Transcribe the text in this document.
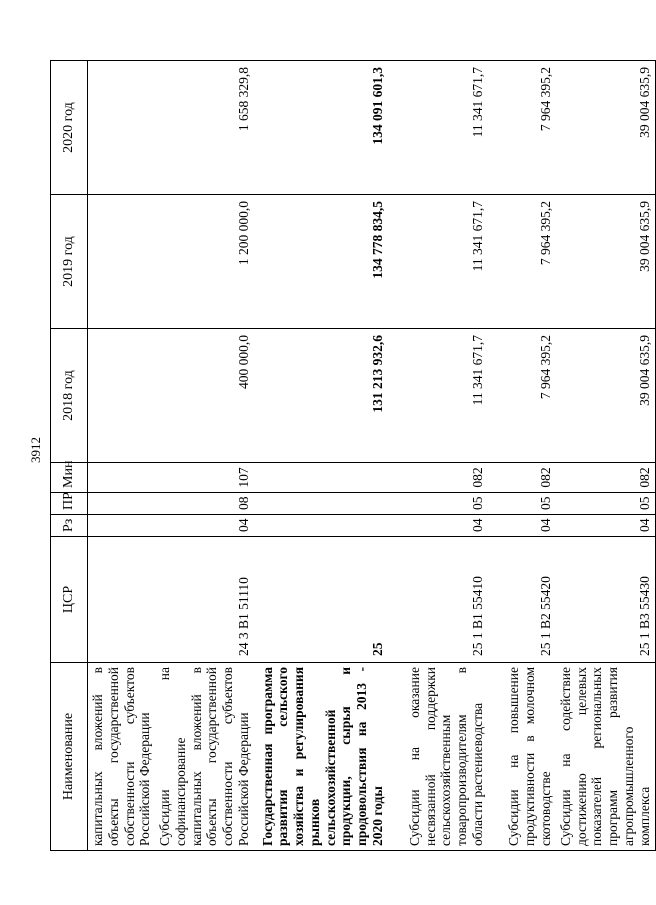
3912
Наименование	ЦСР	Рз	ПР	Мин	2018 год	2019 год	2020 год
капитальных вложений в объекты государственной собственности субъектов Российской Федерации							
Субсидии на софинансирование капитальных вложений в объекты государственной собственности субъектов Российской Федерации	24 3 В1 51110	04	08	107	400 000,0	1 200 000,0	1 658 329,8
Государственная программа развития сельского хозяйства и регулирования рынков сельскохозяйственной продукции, сырья и продовольствия на 2013 - 2020 годы	25				131 213 932,6	134 778 834,5	134 091 601,3
Субсидии на оказание несвязанной поддержки сельскохозяйственным товаропроизводителям в области растениеводства	25 1 В1 55410	04	05	082	11 341 671,7	11 341 671,7	11 341 671,7
Субсидии на повышение продуктивности в молочном скотоводстве	25 1 В2 55420	04	05	082	7 964 395,2	7 964 395,2	7 964 395,2
Субсидии на содействие достижению целевых показателей региональных программ развития агропромышленного комплекса	25 1 В3 55430	04	05	082	39 004 635,9	39 004 635,9	39 004 635,9
